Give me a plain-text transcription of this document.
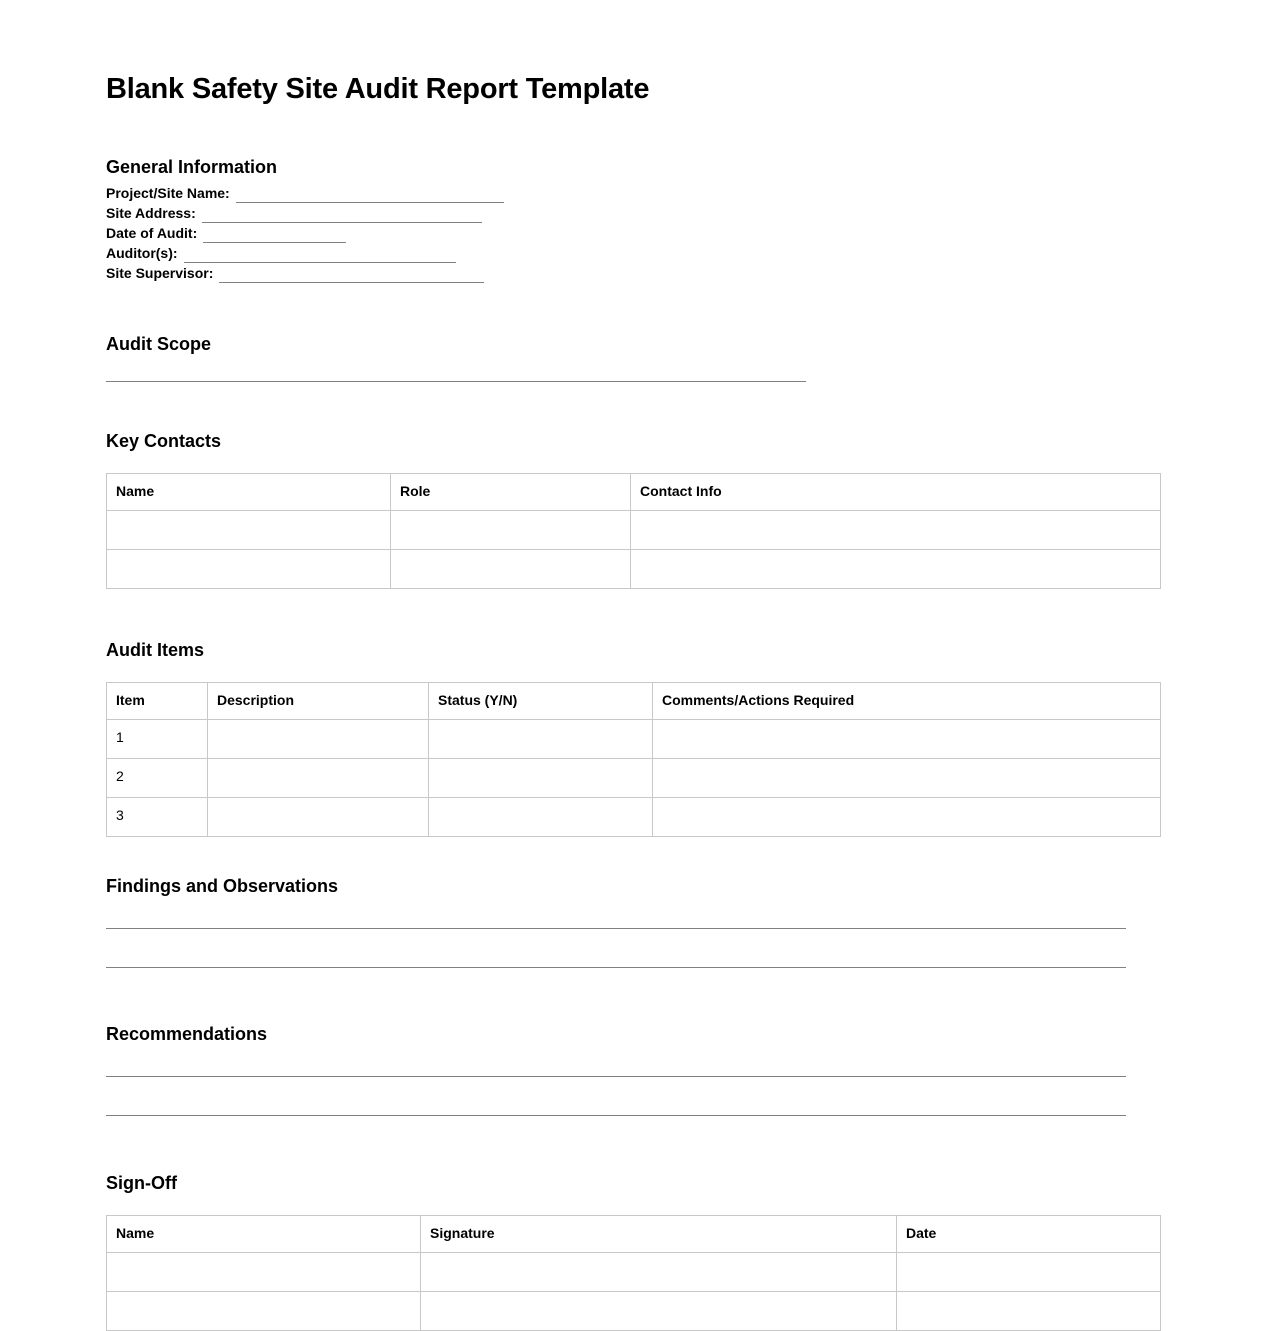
Blank Safety Site Audit Report Template
General Information
Project/Site Name:
Site Address:
Date of Audit:
Auditor(s):
Site Supervisor:
Audit Scope
Key Contacts
Name	Role	Contact Info

Audit Items
Item	Description	Status (Y/N)	Comments/Actions Required
1			
2			
3			
Findings and Observations
Recommendations
Sign-Off
Name	Signature	Date
